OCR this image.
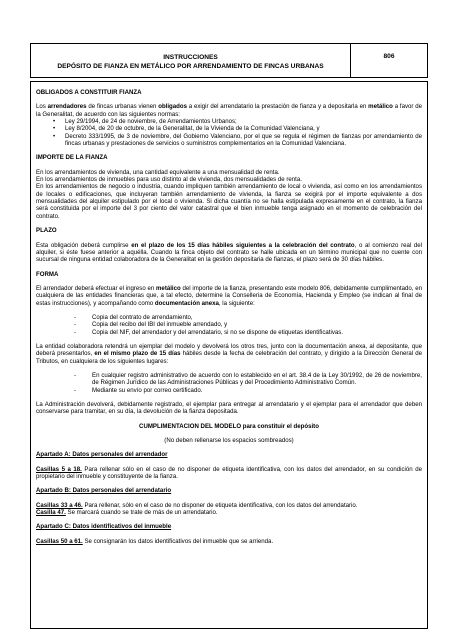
INSTRUCCIONES
DEPÓSITO DE FIANZA EN METÁLICO POR ARRENDAMIENTO DE FINCAS URBANAS
806

OBLIGADOS A CONSTITUIR FIANZA

Los arrendadores de fincas urbanas vienen obligados a exigir del arrendatario la prestación de fianza y a depositarla en metálico a favor de la Generalitat, de acuerdo con las siguientes normas:

• Ley 29/1994, de 24 de noviembre, de Arrendamientos Urbanos;
• Ley 8/2004, de 20 de octubre, de la Generalitat, de la Vivienda de la Comunidad Valenciana, y
• Decreto 333/1995, de 3 de noviembre, del Gobierno Valenciano, por el que se regula el régimen de fianzas por arrendamiento de fincas urbanas y prestaciones de servicios o suministros complementarios en la Comunidad Valenciana.

IMPORTE DE LA FIANZA

En los arrendamientos de vivienda, una cantidad equivalente a una mensualidad de renta.

En los arrendamientos de inmuebles para uso distinto al de vivienda, dos mensualidades de renta.

En los arrendamientos de negocio o industria, cuando impliquen también arrendamiento de local o vivienda, así como en los arrendamientos de locales o edificaciones, que incluyeran también arrendamiento de vivienda, la fianza se exigirá por el importe equivalente a dos mensualidades del alquiler estipulado por el local o vivienda. Si dicha cuantía no se halla estipulada expresamente en el contrato, la fianza será constituida por el importe del 3 por ciento del valor catastral que el bien inmueble tenga asignado en el momento de celebración del contrato.

PLAZO

Esta obligación deberá cumplirse en el plazo de los 15 días hábiles siguientes a la celebración del contrato, o al comienzo real del alquiler, si éste fuese anterior a aquélla. Cuando la finca objeto del contrato se halle ubicada en un término municipal que no cuente con sucursal de ninguna entidad colaboradora de la Generalitat en la gestión depositaria de fianzas, el plazo será de 30 días hábiles.

FORMA

El arrendador deberá efectuar el ingreso en metálico del importe de la fianza, presentando este modelo 806, debidamente cumplimentado, en cualquiera de las entidades financieras que, a tal efecto, determine la Conselleria de Economía, Hacienda y Empleo (se indican al final de estas instrucciones), y acompañando como documentación anexa, la siguiente:

- Copia del contrato de arrendamiento,
- Copia del recibo del IBI del inmueble arrendado, y
- Copia del NIF, del arrendador y del arrendatario, si no se dispone de etiquetas identificativas.

La entidad colaboradora retendrá un ejemplar del modelo y devolverá los otros tres, junto con la documentación anexa, al depositante, que deberá presentarlos, en el mismo plazo de 15 días hábiles desde la fecha de celebración del contrato, y dirigido a la Dirección General de Tributos, en cualquiera de los siguientes lugares:

- En cualquier registro administrativo de acuerdo con lo establecido en el art. 38.4 de la Ley 30/1992, de 26 de noviembre, de Régimen Jurídico de las Administraciones Públicas y del Procedimiento Administrativo Común.
- Mediante su envío por correo certificado.

La Administración devolverá, debidamente registrado, el ejemplar para entregar al arrendatario y el ejemplar para el arrendador que deben conservarse para tramitar, en su día, la devolución de la fianza depositada.

CUMPLIMENTACION DEL MODELO para constituir el depósito

(No deben rellenarse los espacios sombreados)

Apartado A: Datos personales del arrendador

Casillas 5 a 18. Para rellenar sólo en el caso de no disponer de etiqueta identificativa, con los datos del arrendador, en su condición de propietario del inmueble y constituyente de la fianza.

Apartado B: Datos personales del arrendatario

Casillas 33 a 46. Para rellenar, sólo en el caso de no disponer de etiqueta identificativa, con los datos del arrendatario.

Casilla 47. Se marcará cuando se trate de más de un arrendatario.

Apartado C: Datos identificativos del inmueble

Casillas 50 a 61. Se consignarán los datos identificativos del inmueble que se arrienda.
